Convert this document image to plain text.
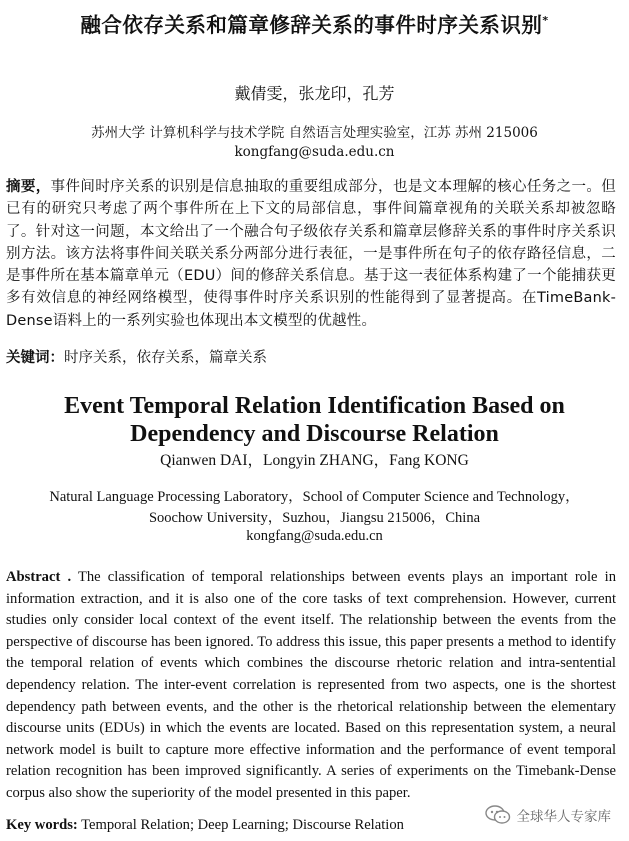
融合依存关系和篇章修辞关系的事件时序关系识别*
戴倩雯，张龙印，孔芳
苏州大学 计算机科学与技术学院 自然语言处理实验室，江苏 苏州 215006
kongfang@suda.edu.cn
摘要，事件间时序关系的识别是信息抽取的重要组成部分，也是文本理解的核心任务之一。但已有的研究只考虑了两个事件所在上下文的局部信息，事件间篇章视角的关联关系却被忽略了。针对这一问题，本文给出了一个融合句子级依存关系和篇章层修辞关系的事件时序关系识别方法。该方法将事件间关联关系分两部分进行表征，一是事件所在句子的依存路径信息，二是事件所在基本篇章单元（EDU）间的修辞关系信息。基于这一表征体系构建了一个能捕获更多有效信息的神经网络模型，使得事件时序关系识别的性能得到了显著提高。在TimeBank-Dense语料上的一系列实验也体现出本文模型的优越性。
关键词：时序关系，依存关系，篇章关系
Event Temporal Relation Identification Based on
Dependency and Discourse Relation
Qianwen DAI，Longyin ZHANG，Fang KONG
Natural Language Processing Laboratory，School of Computer Science and Technology，
Soochow University，Suzhou，Jiangsu 215006，China
kongfang@suda.edu.cn
Abstract . The classification of temporal relationships between events plays an important role in information extraction, and it is also one of the core tasks of text comprehension. However, current studies only consider local context of the event itself. The relationship between the events from the perspective of discourse has been ignored. To address this issue, this paper presents a method to identify the temporal relation of events which combines the discourse rhetoric relation and intra-sentential dependency relation. The inter-event correlation is represented from two aspects, one is the shortest dependency path between events, and the other is the rhetorical relationship between the elementary discourse units (EDUs) in which the events are located. Based on this representation system, a neural network model is built to capture more effective information and the performance of event temporal relation recognition has been improved significantly. A series of experiments on the Timebank-Dense corpus also show the superiority of the model presented in this paper.
Key words: Temporal Relation; Deep Learning; Discourse Relation	全球华人专家库
